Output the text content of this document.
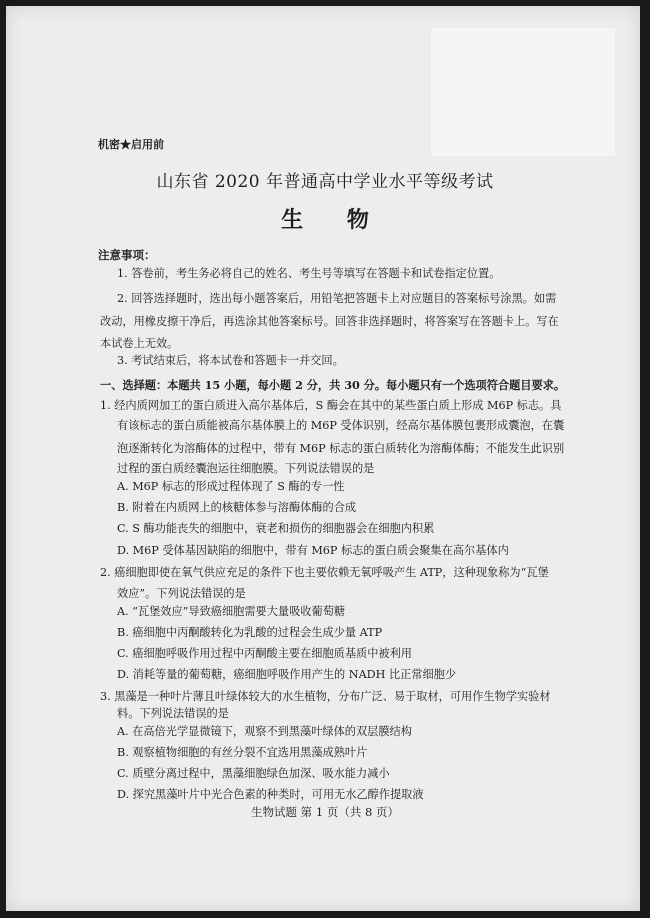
机密★启用前
山东省 2020 年普通高中学业水平等级考试
生 物
注意事项：
1. 答卷前，考生务必将自己的姓名、考生号等填写在答题卡和试卷指定位置。
2. 回答选择题时，选出每小题答案后，用铅笔把答题卡上对应题目的答案标号涂黑。如需
改动，用橡皮擦干净后，再选涂其他答案标号。回答非选择题时，将答案写在答题卡上。写在
本试卷上无效。
3. 考试结束后，将本试卷和答题卡一并交回。
一、选择题：本题共 15 小题，每小题 2 分，共 30 分。每小题只有一个选项符合题目要求。
1. 经内质网加工的蛋白质进入高尔基体后，S 酶会在其中的某些蛋白质上形成 M6P 标志。具
有该标志的蛋白质能被高尔基体膜上的 M6P 受体识别，经高尔基体膜包裹形成囊泡，在囊
泡逐渐转化为溶酶体的过程中，带有 M6P 标志的蛋白质转化为溶酶体酶；不能发生此识别
过程的蛋白质经囊泡运往细胞膜。下列说法错误的是
A. M6P 标志的形成过程体现了 S 酶的专一性
B. 附着在内质网上的核糖体参与溶酶体酶的合成
C. S 酶功能丧失的细胞中，衰老和损伤的细胞器会在细胞内积累
D. M6P 受体基因缺陷的细胞中，带有 M6P 标志的蛋白质会聚集在高尔基体内
2. 癌细胞即使在氧气供应充足的条件下也主要依赖无氧呼吸产生 ATP，这种现象称为“瓦堡
效应”。下列说法错误的是
A. “瓦堡效应”导致癌细胞需要大量吸收葡萄糖
B. 癌细胞中丙酮酸转化为乳酸的过程会生成少量 ATP
C. 癌细胞呼吸作用过程中丙酮酸主要在细胞质基质中被利用
D. 消耗等量的葡萄糖，癌细胞呼吸作用产生的 NADH 比正常细胞少
3. 黑藻是一种叶片薄且叶绿体较大的水生植物，分布广泛、易于取材，可用作生物学实验材
料。下列说法错误的是
A. 在高倍光学显微镜下，观察不到黑藻叶绿体的双层膜结构
B. 观察植物细胞的有丝分裂不宜选用黑藻成熟叶片
C. 质壁分离过程中，黑藻细胞绿色加深、吸水能力减小
D. 探究黑藻叶片中光合色素的种类时，可用无水乙醇作提取液
生物试题 第 1 页（共 8 页）
